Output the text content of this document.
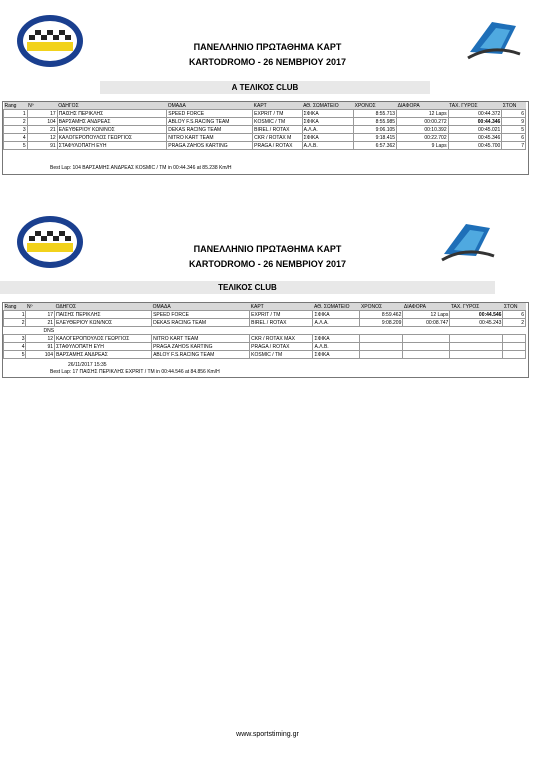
ΠΑΝΕΛΛΗΝΙΟ ΠΡΩΤΑΘΗΜΑ ΚΑΡΤ
KARTODROMO - 26 ΝΕΜΒΡΙΟΥ 2017
Α ΤΕΛΙΚΟΣ CLUB
Rang	Nº	ΟΔΗΓΟΣ	ΟΜΑΔΑ	ΚΑΡΤ	ΑΘ. ΣΩΜΑΤΕΙΟ	ΧΡΟΝΟΣ	ΔΙΑΦΟΡΑ	ΤΑΧ. ΓΥΡΟΣ	ΣΤΟΝ
1	17	ΠΑΙΣΗΣ ΠΕΡΙΚΛΗΣ	SPEED FORCE	EXPRIT / TM	ΣΦΙΚΑ	8:55.713	12 Laps	00:44.372	6
2	104	ΒΑΡΣΑΜΗΣ ΑΝΔΡΕΑΣ	ABLOY F.S.RACING TEAM	KOSMIC / TM	ΣΦΙΚΑ	8:55.985	00:00.272	00:44.346	9
3	21	ΕΛΕΥΘΕΡΙΟΥ ΚΩΝ/ΝΟΣ	DEKAS RACING TEAM	BIREL / ROTAX	Α.Λ.Α.	9:06.105	00:10.392	00:45.021	5
4	12	ΚΑΛΟΓΕΡΟΠΟΥΛΟΣ ΓΕΩΡΓΙΟΣ	NITRO KART TEAM	CKR / ROTAX M	ΣΦΙΚΑ	9:18.415	00:22.702	00:45.346	6
5	91	ΣΤΑΦΥΛΟΠΑΤΗ ΕΥΗ	PRAGA ZAHOS KARTING	PRAGA / ROTAX	Α.Λ.Β.	6:57.362	9 Laps	00:45.700	7
Best Lap: 104 ΒΑΡΣΑΜΗΣ ΑΝΔΡΕΑΣ KOSMIC / TM in 00:44.346 at 85.238 Km/H
ΠΑΝΕΛΛΗΝΙΟ ΠΡΩΤΑΘΗΜΑ ΚΑΡΤ
KARTODROMO - 26 ΝΕΜΒΡΙΟΥ 2017
ΤΕΛΙΚΟΣ CLUB
Rang	Nº	ΟΔΗΓΟΣ	ΟΜΑΔΑ	ΚΑΡΤ	ΑΘ. ΣΩΜΑΤΕΙΟ	ΧΡΟΝΟΣ	ΔΙΑΦΟΡΑ	ΤΑΧ. ΓΥΡΟΣ	ΣΤΟΝ
1	17	ΠΑΙΣΗΣ ΠΕΡΙΚΛΗΣ	SPEED FORCE	EXPRIT / TM	ΣΦΙΚΑ	8:59.462	12 Laps	00:44.546	6
2	21	ΕΛΕΥΘΕΡΙΟΥ ΚΩΝ/ΝΟΣ	DEKAS RACING TEAM	BIREL / ROTAX	Α.Λ.Α.	9:08.209	00:08.747	00:45.243	2
DNS									
3	12	ΚΑΛΟΓΕΡΟΠΟΥΛΟΣ ΓΕΩΡΓΙΟΣ	NITRO KART TEAM	CKR / ROTAX MAX	ΣΦΙΚΑ				
4	91	ΣΤΑΦΥΛΟΠΑΤΗ ΕΥΗ	PRAGA ZAHOS KARTING	PRAGA / ROTAX	Α.Λ.Β.				
5	104	ΒΑΡΣΑΜΗΣ ΑΝΔΡΕΑΣ	ABLOY F.S.RACING TEAM	KOSMIC / TM	ΣΦΙΚΑ				
26/11/2017 15:35
Best Lap: 17 ΠΑΙΣΗΣ ΠΕΡΙΚΛΗΣ EXPRIT / TM in 00:44.546 at 84.856 Km/H
www.sportstiming.gr
